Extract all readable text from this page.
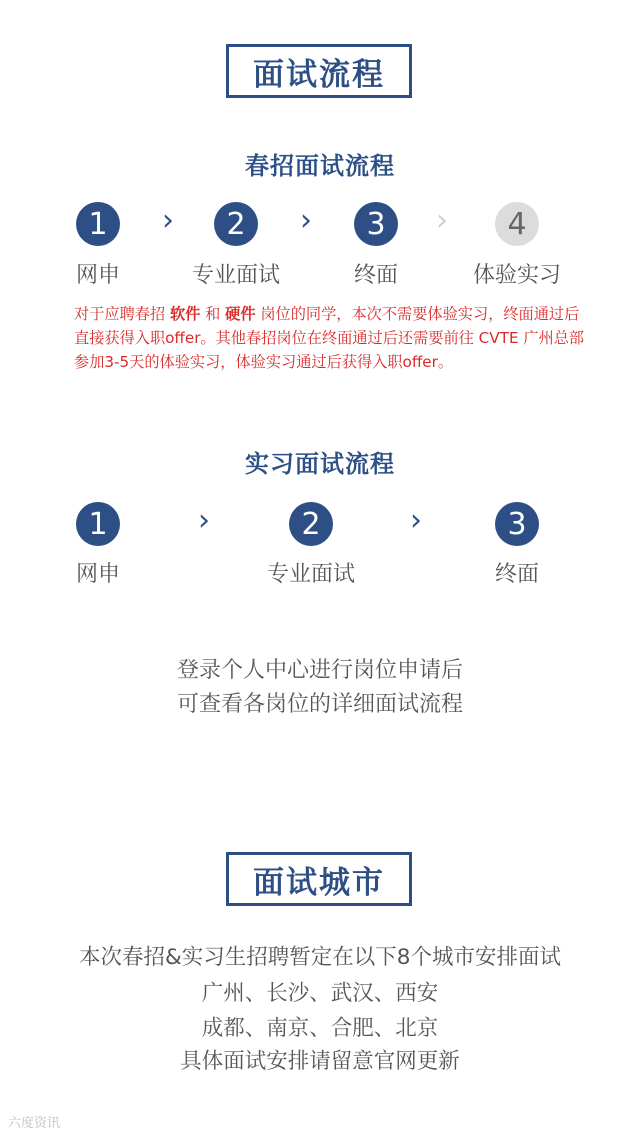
面试流程
春招面试流程
1	›	2	›	3	›	4
网申	专业面试	终面	体验实习
对于应聘春招 软件 和 硬件 岗位的同学，本次不需要体验实习，终面通过后直接获得入职offer。其他春招岗位在终面通过后还需要前往 CVTE 广州总部参加3-5天的体验实习，体验实习通过后获得入职offer。
实习面试流程
1	›	2	›	3
网申	专业面试	终面
登录个人中心进行岗位申请后
可查看各岗位的详细面试流程
面试城市
本次春招&实习生招聘暂定在以下8个城市安排面试
广州、长沙、武汉、西安
成都、南京、合肥、北京
具体面试安排请留意官网更新
六度资讯
